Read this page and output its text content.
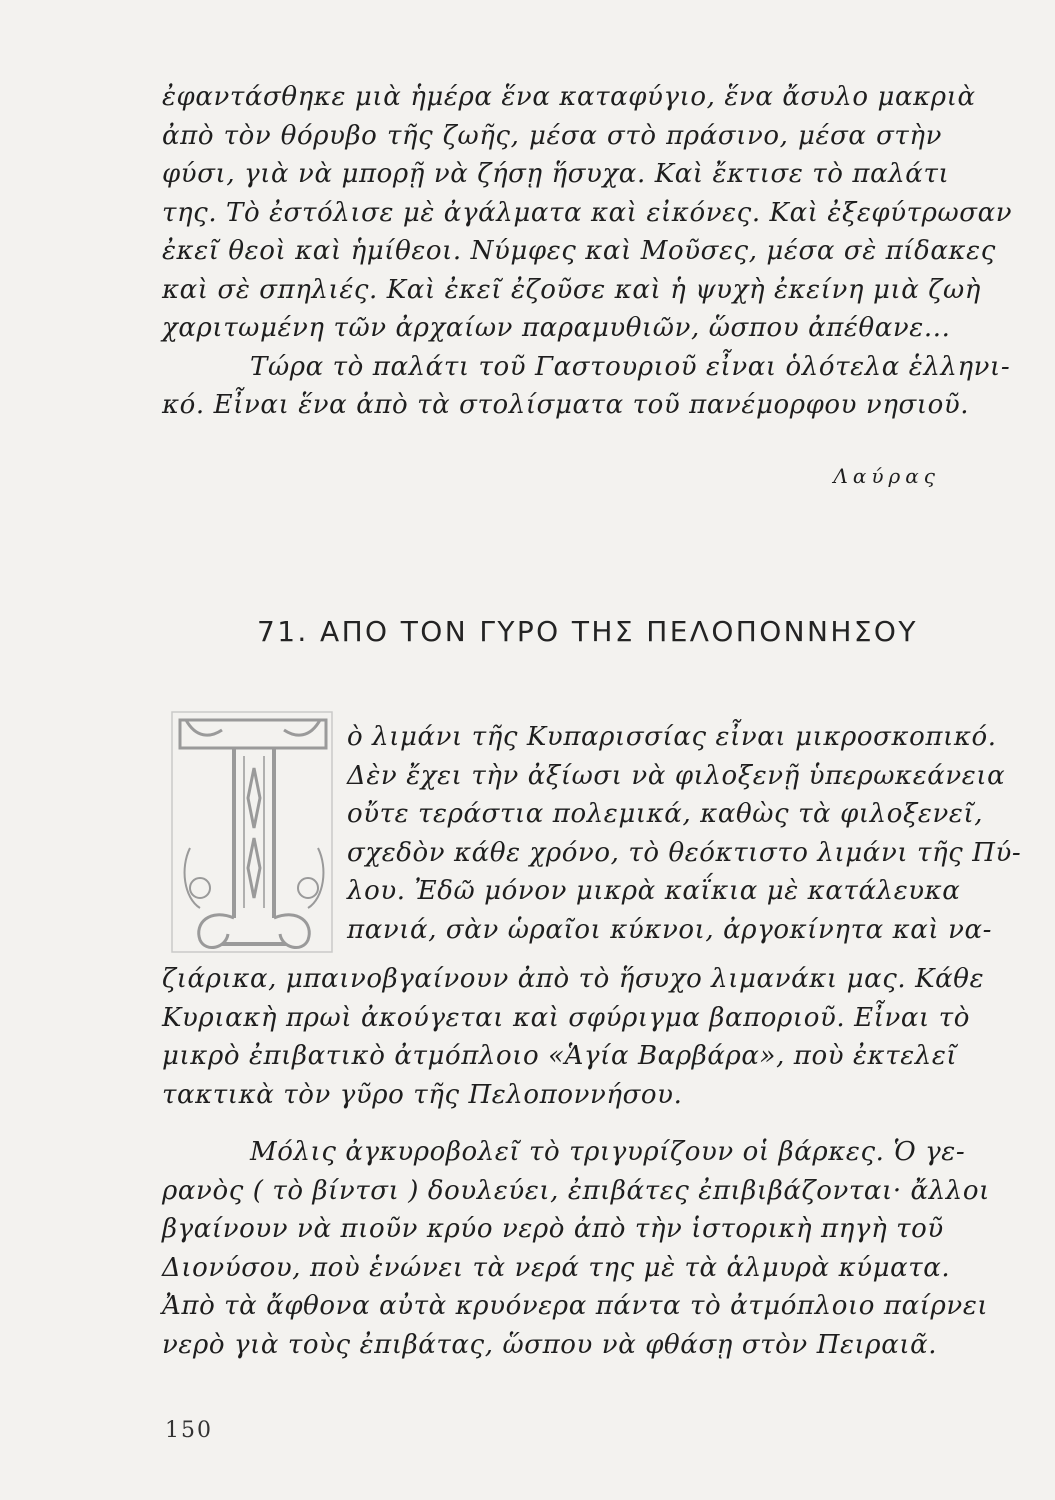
ἐφαντάσθηκε μιὰ ἡμέρα ἕνα καταφύγιο, ἕνα ἄσυλο μακριὰ
ἀπὸ τὸν θόρυβο τῆς ζωῆς, μέσα στὸ πράσινο, μέσα στὴν
φύσι, γιὰ νὰ μπορῇ νὰ ζήσῃ ἥσυχα. Καὶ ἔκτισε τὸ παλάτι
της. Τὸ ἐστόλισε μὲ ἀγάλματα καὶ εἰκόνες. Καὶ ἐξεφύτρωσαν
ἐκεῖ θεοὶ καὶ ἡμίθεοι. Νύμφες καὶ Μοῦσες, μέσα σὲ πίδακες
καὶ σὲ σπηλιές. Καὶ ἐκεῖ ἐζοῦσε καὶ ἡ ψυχὴ ἐκείνη μιὰ ζωὴ
χαριτωμένη τῶν ἀρχαίων παραμυθιῶν, ὥσπου ἀπέθανε...
Τώρα τὸ παλάτι τοῦ Γαστουριοῦ εἶναι ὁλότελα ἑλληνι-
κό. Εἶναι ἕνα ἀπὸ τὰ στολίσματα τοῦ πανέμορφου νησιοῦ.
Λαύρας
71. ΑΠΟ ΤΟΝ ΓΥΡΟ ΤΗΣ ΠΕΛΟΠΟΝΝΗΣΟΥ
ὸ λιμάνι τῆς Κυπαρισσίας εἶναι μικροσκοπικό.
Δὲν ἔχει τὴν ἀξίωσι νὰ φιλοξενῇ ὑπερωκεάνεια
οὔτε τεράστια πολεμικά, καθὼς τὰ φιλοξενεῖ,
σχεδὸν κάθε χρόνο, τὸ θεόκτιστο λιμάνι τῆς Πύ-
λου. Ἐδῶ μόνον μικρὰ καΐκια μὲ κατάλευκα
πανιά, σὰν ὡραῖοι κύκνοι, ἀργοκίνητα καὶ να-
ζιάρικα, μπαινοβγαίνουν ἀπὸ τὸ ἥσυχο λιμανάκι μας. Κάθε
Κυριακὴ πρωὶ ἀκούγεται καὶ σφύριγμα βαποριοῦ. Εἶναι τὸ
μικρὸ ἐπιβατικὸ ἀτμόπλοιο «Ἁγία Βαρβάρα», ποὺ ἐκτελεῖ
τακτικὰ τὸν γῦρο τῆς Πελοποννήσου.
Μόλις ἀγκυροβολεῖ τὸ τριγυρίζουν οἱ βάρκες. Ὁ γε-
ρανὸς ( τὸ βίντσι ) δουλεύει, ἐπιβάτες ἐπιβιβάζονται· ἄλλοι
βγαίνουν νὰ πιοῦν κρύο νερὸ ἀπὸ τὴν ἱστορικὴ πηγὴ τοῦ
Διονύσου, ποὺ ἑνώνει τὰ νερά της μὲ τὰ ἁλμυρὰ κύματα.
Ἀπὸ τὰ ἄφθονα αὐτὰ κρυόνερα πάντα τὸ ἀτμόπλοιο παίρνει
νερὸ γιὰ τοὺς ἐπιβάτας, ὥσπου νὰ φθάσῃ στὸν Πειραιᾶ.
150
